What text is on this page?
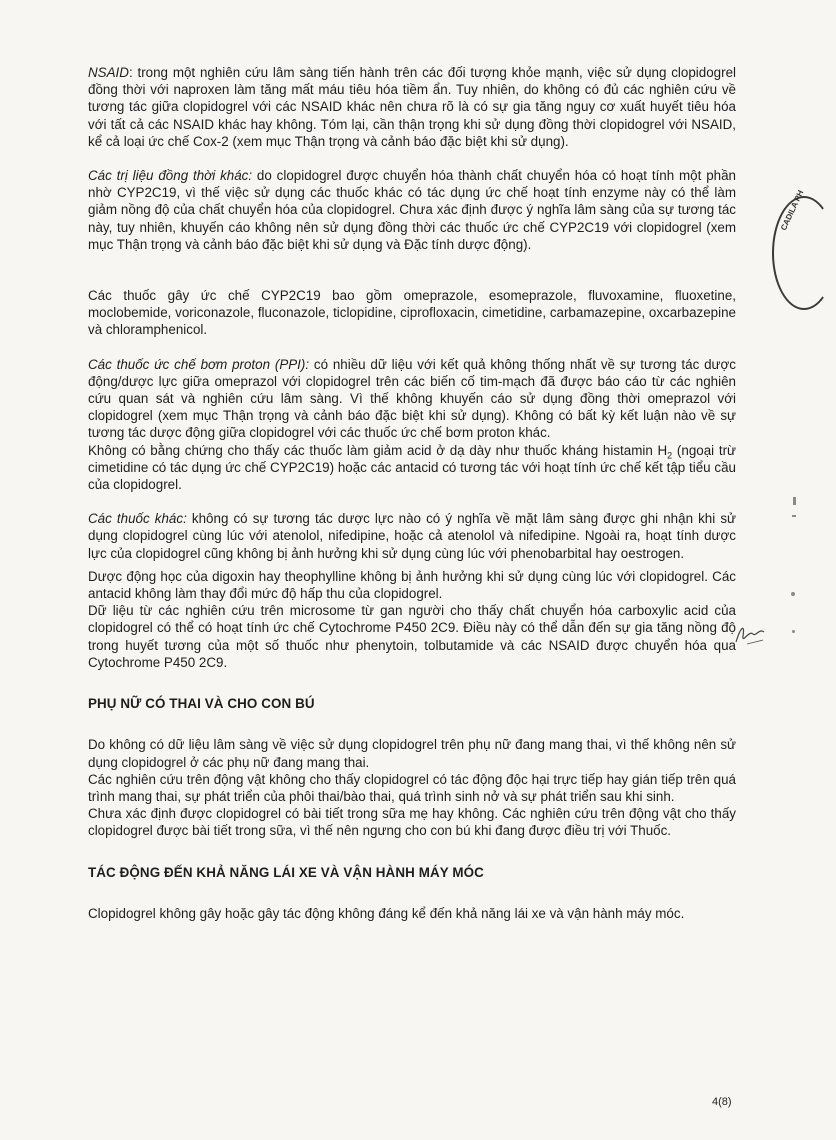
NSAID: trong một nghiên cứu lâm sàng tiến hành trên các đối tượng khỏe mạnh, việc sử dụng clopidogrel đồng thời với naproxen làm tăng mất máu tiêu hóa tiềm ẩn. Tuy nhiên, do không có đủ các nghiên cứu về tương tác giữa clopidogrel với các NSAID khác nên chưa rõ là có sự gia tăng nguy cơ xuất huyết tiêu hóa với tất cả các NSAID khác hay không. Tóm lại, cần thận trọng khi sử dụng đồng thời clopidogrel với NSAID, kể cả loại ức chế Cox-2 (xem mục Thận trọng và cảnh báo đặc biệt khi sử dụng).

Các trị liệu đồng thời khác: do clopidogrel được chuyển hóa thành chất chuyển hóa có hoạt tính một phần nhờ CYP2C19, vì thế việc sử dụng các thuốc khác có tác dụng ức chế hoạt tính enzyme này có thể làm giảm nồng độ của chất chuyển hóa của clopidogrel. Chưa xác định được ý nghĩa lâm sàng của sự tương tác này, tuy nhiên, khuyến cáo không nên sử dụng đồng thời các thuốc ức chế CYP2C19 với clopidogrel (xem mục Thận trọng và cảnh báo đặc biệt khi sử dụng và Đặc tính dược động).

Các thuốc gây ức chế CYP2C19 bao gồm omeprazole, esomeprazole, fluvoxamine, fluoxetine, moclobemide, voriconazole, fluconazole, ticlopidine, ciprofloxacin, cimetidine, carbamazepine, oxcarbazepine và chloramphenicol.

Các thuốc ức chế bơm proton (PPI): có nhiều dữ liệu với kết quả không thống nhất về sự tương tác dược động/dược lực giữa omeprazol với clopidogrel trên các biến cố tim-mạch đã được báo cáo từ các nghiên cứu quan sát và nghiên cứu lâm sàng. Vì thế không khuyến cáo sử dụng đồng thời omeprazol với clopidogrel (xem mục Thận trọng và cảnh báo đặc biệt khi sử dụng). Không có bất kỳ kết luận nào về sự tương tác dược động giữa clopidogrel với các thuốc ức chế bơm proton khác.

Không có bằng chứng cho thấy các thuốc làm giảm acid ở dạ dày như thuốc kháng histamin $H_2$ (ngoại trừ cimetidine có tác dụng ức chế CYP2C19) hoặc các antacid có tương tác với hoạt tính ức chế kết tập tiểu cầu của clopidogrel.

Các thuốc khác: không có sự tương tác dược lực nào có ý nghĩa về mặt lâm sàng được ghi nhận khi sử dụng clopidogrel cùng lúc với atenolol, nifedipine, hoặc cả atenolol và nifedipine. Ngoài ra, hoạt tính dược lực của clopidogrel cũng không bị ảnh hưởng khi sử dụng cùng lúc với phenobarbital hay oestrogen.

Dược động học của digoxin hay theophylline không bị ảnh hưởng khi sử dụng cùng lúc với clopidogrel. Các antacid không làm thay đổi mức độ hấp thu của clopidogrel.

Dữ liệu từ các nghiên cứu trên microsome từ gan người cho thấy chất chuyển hóa carboxylic acid của clopidogrel có thể có hoạt tính ức chế Cytochrome P450 2C9. Điều này có thể dẫn đến sự gia tăng nồng độ trong huyết tương của một số thuốc như phenytoin, tolbutamide và các NSAID được chuyển hóa qua Cytochrome P450 2C9.

PHỤ NỮ CÓ THAI VÀ CHO CON BÚ

Do không có dữ liệu lâm sàng về việc sử dụng clopidogrel trên phụ nữ đang mang thai, vì thế không nên sử dụng clopidogrel ở các phụ nữ đang mang thai.

Các nghiên cứu trên động vật không cho thấy clopidogrel có tác động độc hại trực tiếp hay gián tiếp trên quá trình mang thai, sự phát triển của phôi thai/bào thai, quá trình sinh nở và sự phát triển sau khi sinh.

Chưa xác định được clopidogrel có bài tiết trong sữa mẹ hay không. Các nghiên cứu trên động vật cho thấy clopidogrel được bài tiết trong sữa, vì thế nên ngưng cho con bú khi đang được điều trị với Thuốc.

TÁC ĐỘNG ĐẾN KHẢ NĂNG LÁI XE VÀ VẬN HÀNH MÁY MÓC

Clopidogrel không gây hoặc gây tác động không đáng kể đến khả năng lái xe và vận hành máy móc.

CADILA PH
4(8)
